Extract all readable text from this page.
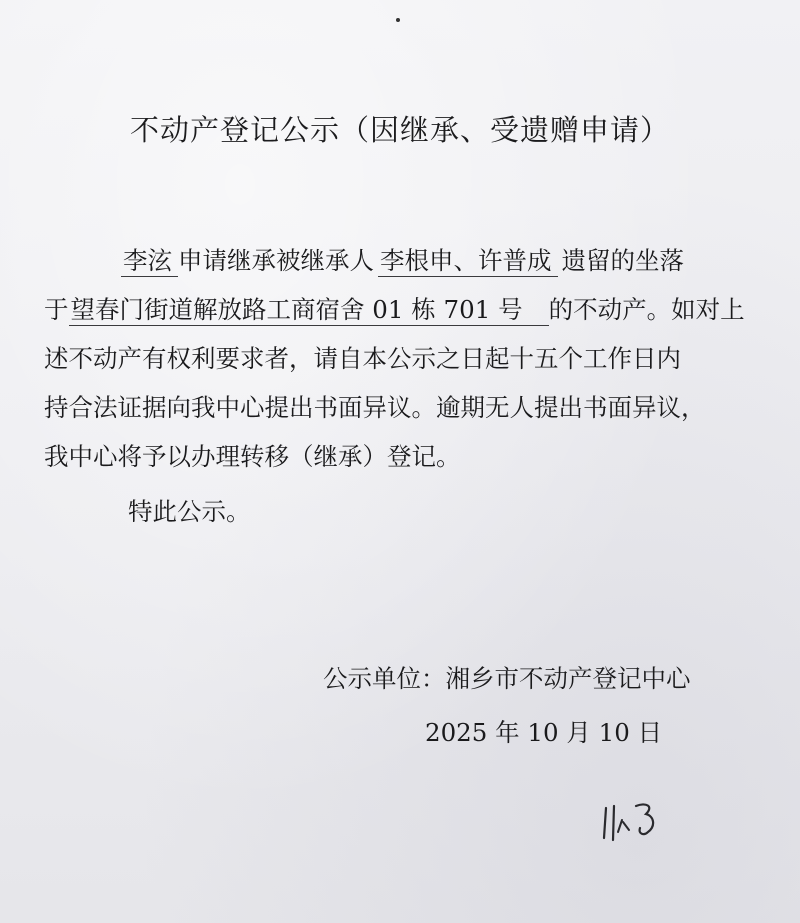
不动产登记公示（因继承、受遗赠申请）
李泫 申请继承被继承人 李根申、许普成 遗留的坐落
于望春门街道解放路工商宿舍 01 栋 701 号 的不动产。如对上
述不动产有权利要求者，请自本公示之日起十五个工作日内
持合法证据向我中心提出书面异议。逾期无人提出书面异议，
我中心将予以办理转移（继承）登记。
特此公示。
公示单位：湘乡市不动产登记中心
2025 年 10 月 10 日
